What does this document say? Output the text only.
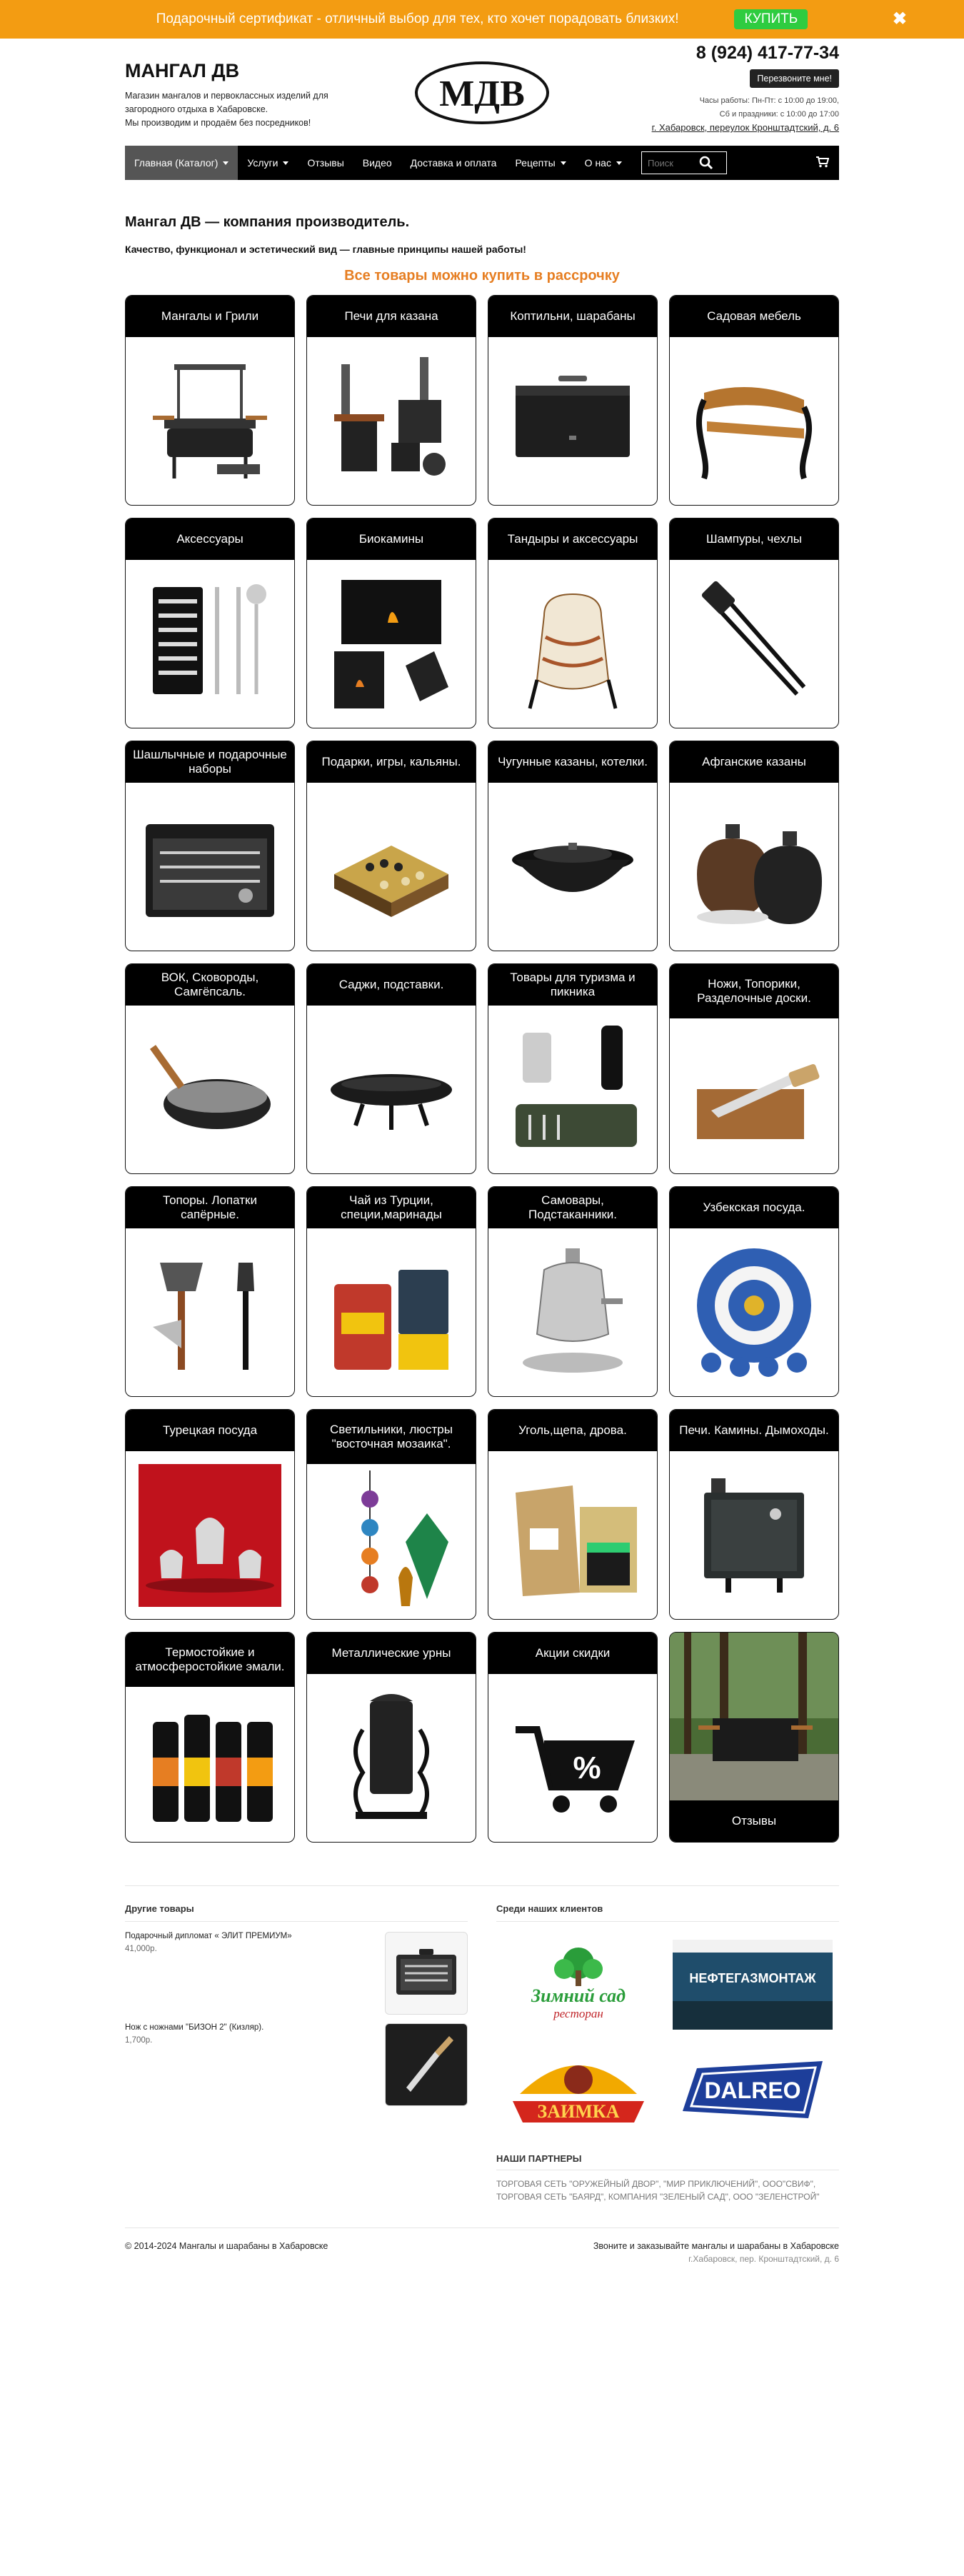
Подарочный сертификат - отличный выбор для тех, кто хочет порадовать близких!	КУПИТЬ	✖
МАНГАЛ ДВ
Магазин мангалов и первоклассных изделий для
загородного отдыха в Хабаровске.
Мы производим и продаём без посредников!
МДВ
8 (924) 417-77-34
Перезвоните мне!
Часы работы: Пн-Пт: с 10:00 до 19:00,
Сб и праздники: с 10:00 до 17:00
г. Хабаровск, переулок Кронштадтский, д. 6
Главная (Каталог)	Услуги	Отзывы Видео Доставка и оплата Рецепты	О нас
Поиск
Мангал ДВ — компания производитель.
Качество, функционал и эстетический вид — главные принципы нашей работы!
Все товары можно купить в рассрочку
Мангалы и Грили	Печи для казана	Коптильни, шарабаны	Садовая мебель
Аксессуары	Биокамины	Тандыры и аксессуары	Шампуры, чехлы
Шашлычные и подарочные наборы
Подарки, игры, кальяны.	Чугунные казаны, котелки.	Афганские казаны
ВОК, Сковороды, Самгёпсаль.
Саджи, подставки.
Товары для туризма и пикника
Ножи, Топорики, Разделочные доски.
Топоры. Лопатки сапёрные.
Чай из Турции, специи,маринады
Самовары, Подстаканники.
Узбекская посуда.
Турецкая посуда	Светильники, люстры "восточная мозаика".
Уголь,щепа, дрова.	Печи. Камины. Дымоходы.
Термостойкие и атмосферостойкие эмали.
Металлические урны	Акции скидки
%
Отзывы
Другие товары
Подарочный дипломат « ЭЛИТ ПРЕМИУМ»
41,000р.
Нож с ножнами "БИЗОН 2" (Кизляр).
1,700р.
Среди наших клиентов
Зимний сад
ресторан
НЕФТЕГАЗМОНТАЖ
ЗАИМКА
DALREO
НАШИ ПАРТНЕРЫ
ТОРГОВАЯ СЕТЬ "ОРУЖЕЙНЫЙ ДВОР", "МИР ПРИКЛЮЧЕНИЙ", ООО"СВИФ", ТОРГОВАЯ СЕТЬ "БАЯРД", КОМПАНИЯ "ЗЕЛЕНЫЙ САД", ООО "ЗЕЛЕНСТРОЙ"
© 2014-2024 Мангалы и шарабаны в Хабаровске	Звоните и заказывайте мангалы и шарабаны в Хабаровске
г.Хабаровск, пер. Кронштадтский, д. 6
